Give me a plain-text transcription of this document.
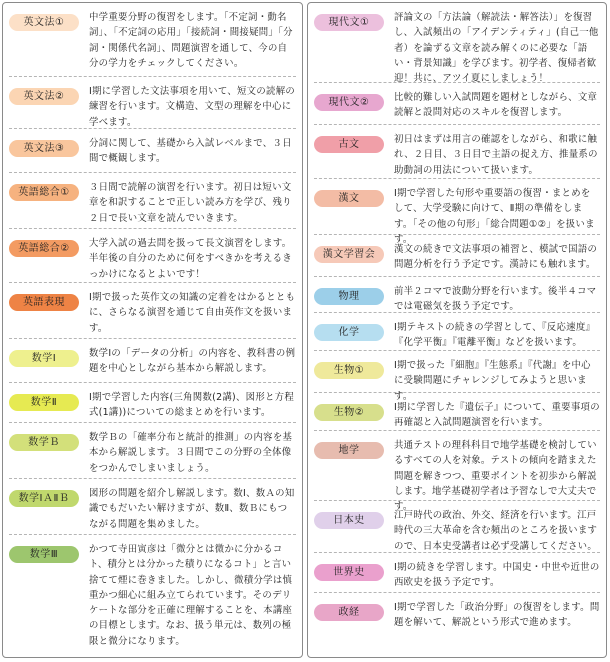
英文法①	中学重要分野の復習をします。「不定詞・動名詞」、「不定詞の応用」「接続詞・間接疑問」「分詞・関係代名詞」、問題演習を通して、今の自分の学力をチェックしてください。
英文法②	Ⅰ期に学習した文法事項を用いて、短文の読解の練習を行います。文構造、文型の理解を中心に学べます。
英文法③	分詞に関して、基礎から入試レベルまで、３日間で概観します。
英語総合①	３日間で読解の演習を行います。初日は短い文章を和訳することで正しい読み方を学び、残り２日で長い文章を読んでいきます。
英語総合②	大学入試の過去問を扱って長文演習をします。半年後の自分のために何をすべきかを考えるきっかけになるとよいです！
英語表現	Ⅰ期で扱った英作文の知識の定着をはかるとともに、さらなる演習を通じて自由英作文を扱います。
数学Ⅰ	数学Ⅰの「データの分析」の内容を、教科書の例題を中心としながら基本から解説します。
数学Ⅱ	Ⅰ期で学習した内容(三角関数(2講)、図形と方程式(1講))についての総まとめを行います。
数学Ｂ	数学Ｂの「確率分布と統計的推測」の内容を基本から解説します。３日間でこの分野の全体像をつかんでしまいましょう。
数学ⅠＡⅡＢ	図形の問題を紹介し解説します。数Ⅰ、数Ａの知識でもだいたい解けますが、数Ⅱ、数Ｂにもつながる問題を集めました。
数学Ⅲ	かつて寺田寅彦は「微分とは微かに分かるコト、積分とは分かった積りになるコト」と言い捨てて煙に巻きました。しかし、微積分学は慎重かつ細心に組み立てられています。そのデリケートな部分を正確に理解することを、本講座の目標とします。なお、扱う単元は、数列の極限と微分になります。
現代文①	評論文の「方法論（解読法・解答法）」を復習し、入試頻出の「アイデンティティ」(自己一他者）を論ずる文章を読み解くのに必要な「語い・背景知識」を学びます。初学者、復帰者歓迎！共に、アツイ夏にしましょう！
現代文②	比較的難しい入試問題を題材としながら、文章読解と設問対応のスキルを復習します。
古文	初日はまずは用言の確認をしながら、和歌に触れ、２日目、３日目で主語の捉え方、推量系の助動詞の用法について扱います。
漢文	Ⅰ期で学習した句形や重要語の復習・まとめをして、大学受験に向けて、Ⅱ期の準備をします。「その他の句形」「総合問題①②」を扱います。
漢文学習会	漢文の続きで文法事項の補習と、模試で国語の問題分析を行う予定です。漢詩にも触れます。
物理	前半２コマで波動分野を行います。後半４コマでは電磁気を扱う予定です。
化学	Ⅰ期テキストの続きの学習として、『反応速度』『化学平衡』『電離平衡』などを扱います。
生物①	Ⅰ期で扱った『細胞』『生態系』『代謝』を中心に受験問題にチャレンジしてみようと思います。
生物②	Ⅰ期に学習した『遺伝子』について、重要事項の再確認と入試問題演習を行います。
地学	共通テストの理科科目で地学基礎を検討しているすべての人を対象。テストの傾向を踏まえた問題を解きつつ、重要ポイントを初歩から解説します。地学基礎初学者は予習なしで大丈夫です。
日本史	江戸時代の政治、外交、経済を行います。江戸時代の三大革命を含む頻出のところを扱いますので、日本史受講者は必ず受講してください。
世界史	Ⅰ期の続きを学習します。中国史・中世や近世の西欧史を扱う予定です。
政経	Ⅰ期で学習した「政治分野」の復習をします。問題を解いて、解説という形式で進めます。
